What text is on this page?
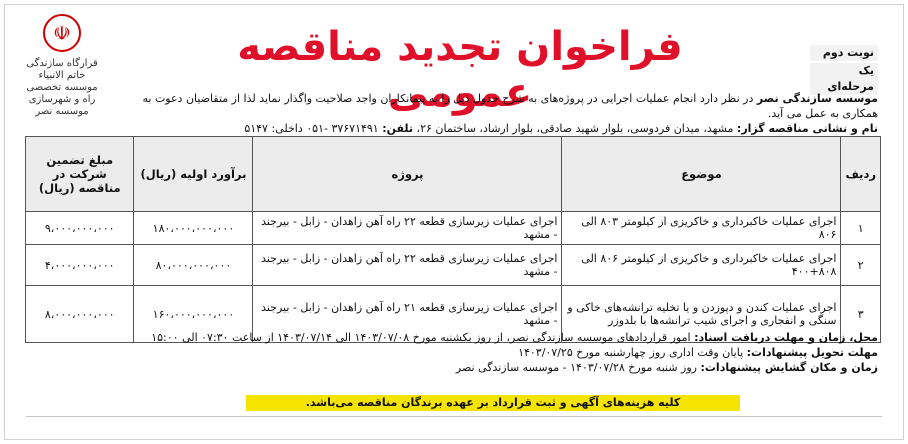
☫
قرارگاه سازندگی خاتم الانبیاء
موسسه تخصصی راه و شهرسازی
موسسه نصر
فراخوان تجدید مناقصه عمومی
نوبت دوم
یک مرحله‌ای
موسسه سازندگی نصر در نظر دارد انجام عملیات اجرایی در پروژه‌های به شرح جدول ذیل را به پیمانکاران واجد صلاحیت واگذار نماید لذا از متقاضیان دعوت به همکاری به عمل می آید.
نام و نشانی مناقصه گزار: مشهد، میدان فردوسی، بلوار شهید صادقی، بلوار ارشاد، ساختمان ۲۶، تلفن: ۳۷۶۷۱۴۹۱ -۰۵۱ داخلی: ۵۱۴۷
ردیف	موضوع	پروژه	برآورد اولیه (ریال)	مبلغ تضمین شرکت در مناقصه (ریال)
۱	اجرای عملیات خاکبرداری و خاکریزی از کیلومتر ۸۰۳ الی ۸۰۶	اجرای عملیات زیرسازی قطعه ۲۲ راه آهن زاهدان - زابل - بیرجند - مشهد	۱۸۰،۰۰۰،۰۰۰،۰۰۰	۹،۰۰۰،۰۰۰،۰۰۰
۲	اجرای عملیات خاکبرداری و خاکریزی از کیلومتر ۸۰۶ الی ۸۰۸+۴۰۰	اجرای عملیات زیرسازی قطعه ۲۲ راه آهن زاهدان - زابل - بیرجند - مشهد	۸۰،۰۰۰،۰۰۰،۰۰۰	۴،۰۰۰،۰۰۰،۰۰۰
۳	اجرای عملیات کندن و دپوزدن و یا تخلیه ترانشه‌های خاکی و سنگی و انفجاری و اجرای شیب ترانشه‌ها با بلدوزر	اجرای عملیات زیرسازی قطعه ۲۱ راه آهن زاهدان - زابل - بیرجند - مشهد	۱۶۰،۰۰۰،۰۰۰،۰۰۰	۸،۰۰۰،۰۰۰،۰۰۰
محل، زمان و مهلت دریافت اسناد: امور قراردادهای موسسه سازندگی نصر، از روز یکشنبه مورخ ۱۴۰۳/۰۷/۰۸ الی ۱۴۰۳/۰۷/۱۴ از ساعت ۰۷:۳۰ الی ۱۵:۰۰
مهلت تحویل پیشنهادات: پایان وقت اداری روز چهارشنبه مورخ ۱۴۰۳/۰۷/۲۵
زمان و مکان گشایش پیشنهادات: روز شنبه مورخ ۱۴۰۳/۰۷/۲۸ - موسسه سازندگی نصر
کلیه هزینه‌های آگهی و ثبت قرارداد بر عهده برندگان مناقصه می‌باشد.
